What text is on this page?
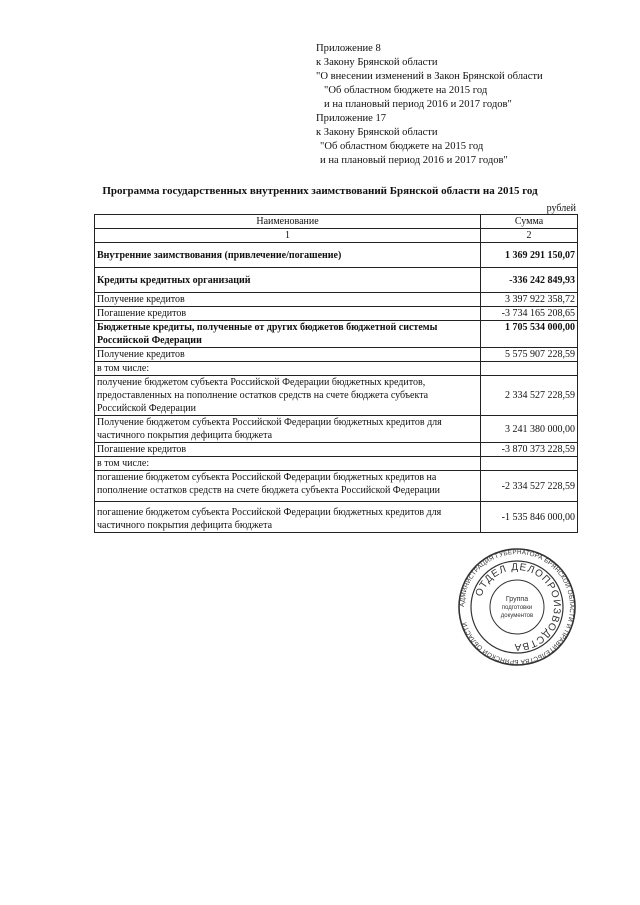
Приложение 8
к Закону Брянской области
"О внесении изменений в Закон Брянской области
"Об областном бюджете на 2015 год
и на плановый период 2016 и 2017 годов"
Приложение 17
к Закону Брянской области
"Об областном бюджете на 2015 год
и на плановый период 2016 и 2017 годов"
Программа государственных внутренних заимствований Брянской области на 2015 год
рублей
Наименование	Сумма
1	2
Внутренние заимствования (привлечение/погашение)	1 369 291 150,07
Кредиты кредитных организаций	-336 242 849,93
Получение кредитов	3 397 922 358,72
Погашение кредитов	-3 734 165 208,65
Бюджетные кредиты, полученные от других бюджетов бюджетной системы Российской Федерации	1 705 534 000,00
Получение кредитов	5 575 907 228,59
в том числе:	
получение бюджетом субъекта Российской Федерации бюджетных кредитов, предоставленных на пополнение остатков средств на счете бюджета субъекта Российской Федерации	2 334 527 228,59
Получение бюджетом субъекта Российской Федерации бюджетных кредитов для частичного покрытия дефицита бюджета	3 241 380 000,00
Погашение кредитов	-3 870 373 228,59
в том числе:	
погашение бюджетом субъекта Российской Федерации бюджетных кредитов на пополнение остатков средств на счете бюджета субъекта Российской Федерации	-2 334 527 228,59
погашение бюджетом субъекта Российской Федерации бюджетных кредитов для частичного покрытия дефицита бюджета	-1 535 846 000,00
АДМИНИСТРАЦИЯ ГУБЕРНАТОРА БРЯНСКОЙ ОБЛАСТИ И ПРАВИТЕЛЬСТВА БРЯНСКОЙ ОБЛАСТИ
ОТДЕЛ ДЕЛОПРОИЗВОДСТВА
Группа
подготовки
документов
